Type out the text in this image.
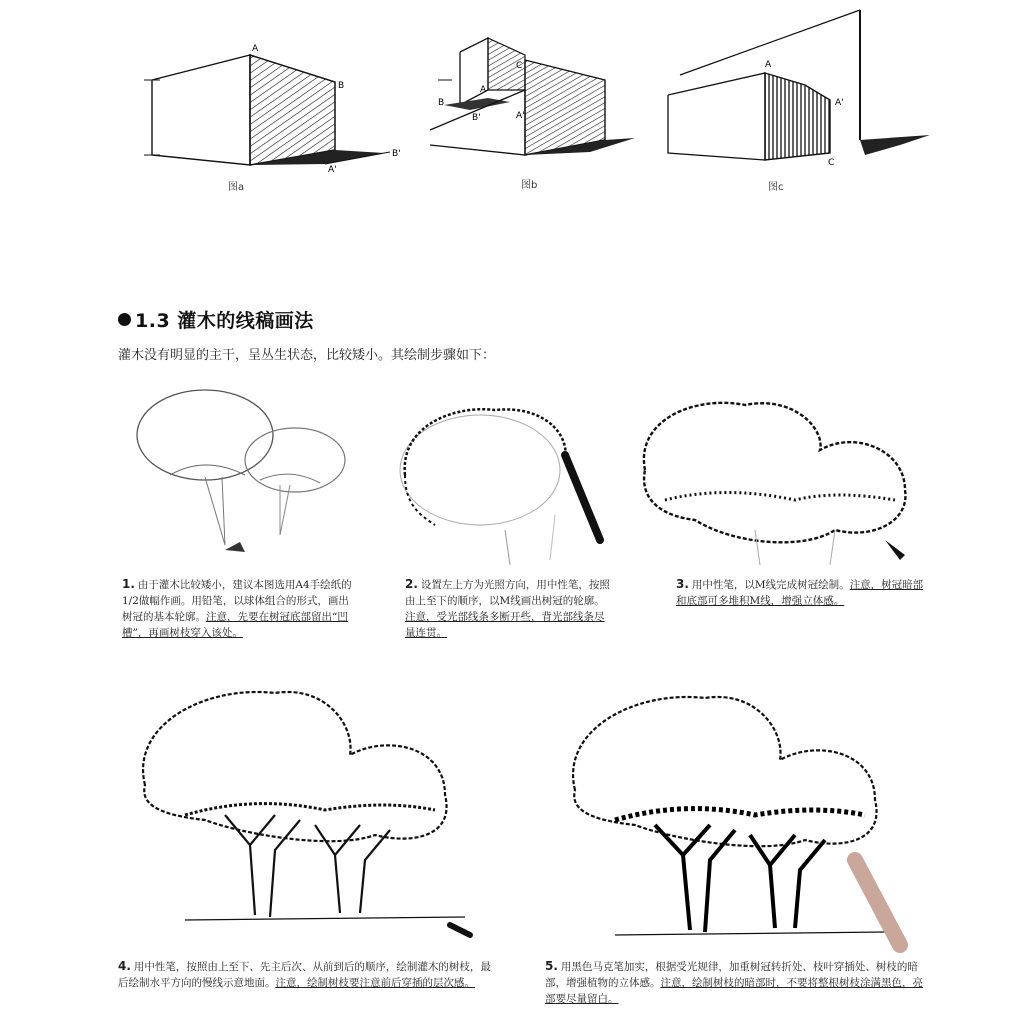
A
B
A'
B'
图a
C
A
B
B'	A'
图b
A
A'
C
图c
1.3 灌木的线稿画法
灌木没有明显的主干，呈丛生状态，比较矮小。其绘制步骤如下：
1. 由于灌木比较矮小，建议本图选用A4手绘纸的1/2做幅作画。用铅笔，以球体组合的形式，画出树冠的基本轮廓。注意，先要在树冠底部留出“凹槽”，再画树枝穿入该处。
2. 设置左上方为光照方向，用中性笔，按照由上至下的顺序，以M线画出树冠的轮廓。注意，受光部线条多断开些，背光部线条尽量连贯。
3. 用中性笔，以M线完成树冠绘制。注意，树冠暗部和底部可多堆积M线，增强立体感。
4. 用中性笔，按照由上至下、先主后次、从前到后的顺序，绘制灌木的树枝，最后绘制水平方向的慢线示意地面。注意，绘制树枝要注意前后穿插的层次感。
5. 用黑色马克笔加实，根据受光规律，加重树冠转折处、枝叶穿插处、树枝的暗部，增强植物的立体感。注意，绘制树枝的暗部时，不要将整根树枝涂满黑色，亮部要尽量留白。
